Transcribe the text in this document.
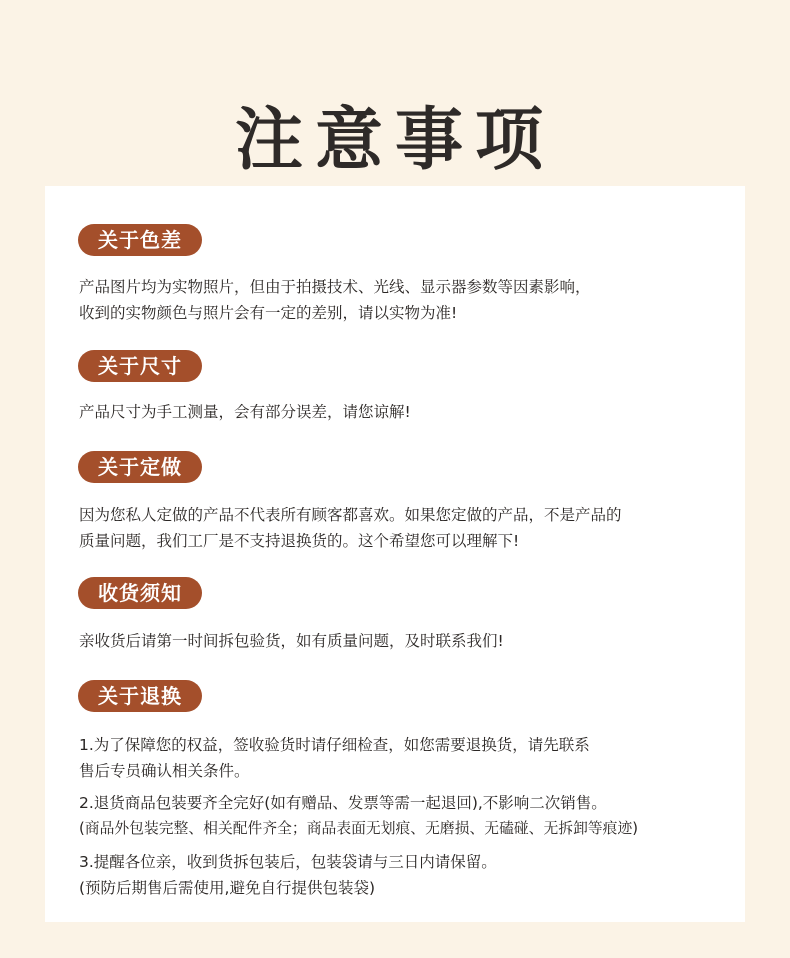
注意事项
关于色差
产品图片均为实物照片，但由于拍摄技术、光线、显示器参数等因素影响，
收到的实物颜色与照片会有一定的差别，请以实物为准!
关于尺寸
产品尺寸为手工测量，会有部分误差，请您谅解!
关于定做
因为您私人定做的产品不代表所有顾客都喜欢。如果您定做的产品，不是产品的
质量问题，我们工厂是不支持退换货的。这个希望您可以理解下!
收货须知
亲收货后请第一时间拆包验货，如有质量问题，及时联系我们!
关于退换
1.为了保障您的权益，签收验货时请仔细检查，如您需要退换货，请先联系
售后专员确认相关条件。
2.退货商品包装要齐全完好(如有赠品、发票等需一起退回),不影响二次销售。
(商品外包装完整、相关配件齐全；商品表面无划痕、无磨损、无磕碰、无拆卸等痕迹)
3.提醒各位亲，收到货拆包装后，包装袋请与三日内请保留。
(预防后期售后需使用,避免自行提供包装袋)
